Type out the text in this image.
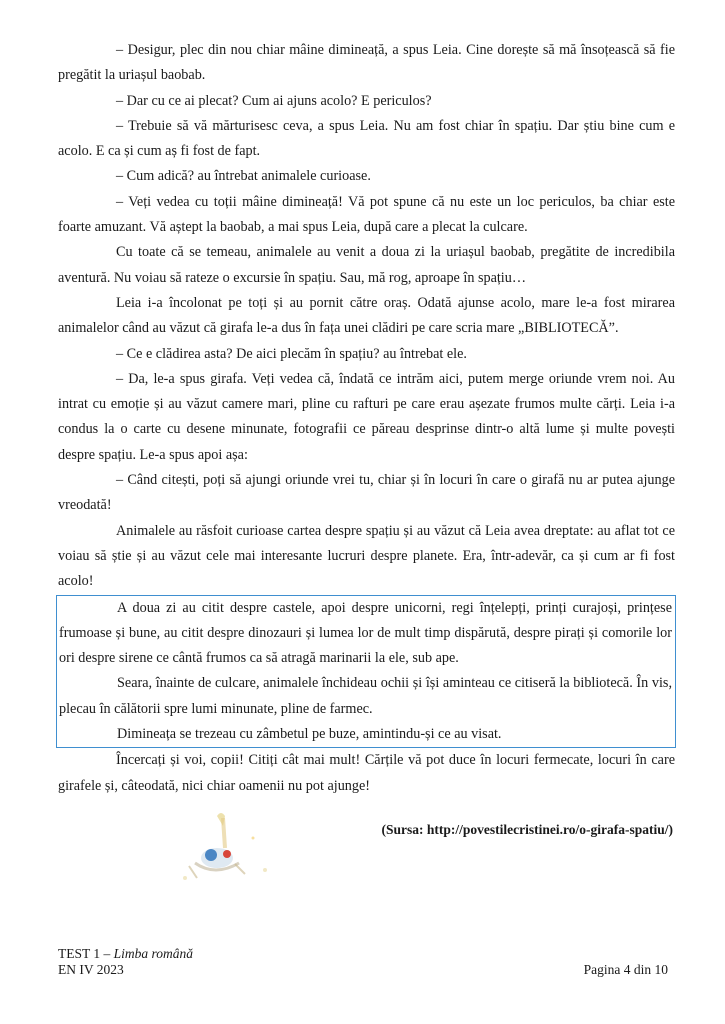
– Desigur, plec din nou chiar mâine dimineață, a spus Leia. Cine dorește să mă însoțească să fie pregătit la uriașul baobab.

– Dar cu ce ai plecat? Cum ai ajuns acolo? E periculos?

– Trebuie să vă mărturisesc ceva, a spus Leia. Nu am fost chiar în spațiu. Dar știu bine cum e acolo. E ca și cum aș fi fost de fapt.

– Cum adică? au întrebat animalele curioase.

– Veți vedea cu toții mâine dimineață! Vă pot spune că nu este un loc periculos, ba chiar este foarte amuzant. Vă aștept la baobab, a mai spus Leia, după care a plecat la culcare.

Cu toate că se temeau, animalele au venit a doua zi la uriașul baobab, pregătite de incredibila aventură. Nu voiau să rateze o excursie în spațiu. Sau, mă rog, aproape în spațiu…

Leia i-a încolonat pe toți și au pornit către oraș. Odată ajunse acolo, mare le-a fost mirarea animalelor când au văzut că girafa le-a dus în fața unei clădiri pe care scria mare „BIBLIOTECĂ”.

– Ce e clădirea asta? De aici plecăm în spațiu? au întrebat ele.

– Da, le-a spus girafa. Veți vedea că, îndată ce intrăm aici, putem merge oriunde vrem noi. Au intrat cu emoție și au văzut camere mari, pline cu rafturi pe care erau așezate frumos multe cărți. Leia i-a condus la o carte cu desene minunate, fotografii ce păreau desprinse dintr-o altă lume și multe povești despre spațiu. Le-a spus apoi așa:

– Când citești, poți să ajungi oriunde vrei tu, chiar și în locuri în care o girafă nu ar putea ajunge vreodată!

Animalele au răsfoit curioase cartea despre spațiu și au văzut că Leia avea dreptate: au aflat tot ce voiau să știe și au văzut cele mai interesante lucruri despre planete. Era, într-adevăr, ca și cum ar fi fost acolo!

A doua zi au citit despre castele, apoi despre unicorni, regi înțelepți, prinți curajoși, prințese frumoase și bune, au citit despre dinozauri și lumea lor de mult timp dispărută, despre pirați și comorile lor ori despre sirene ce cântă frumos ca să atragă marinarii la ele, sub ape.

Seara, înainte de culcare, animalele închideau ochii și își aminteau ce citiseră la bibliotecă. În vis, plecau în călătorii spre lumi minunate, pline de farmec.

Dimineața se trezeau cu zâmbetul pe buze, amintindu-și ce au visat.

Încercați și voi, copii! Citiți cât mai mult! Cărțile vă pot duce în locuri fermecate, locuri în care girafele și, câteodată, nici chiar oamenii nu pot ajunge!

(Sursa: http://povestilecristinei.ro/o-girafa-spatiu/)
TEST 1 – Limba română
EN IV 2023	Pagina 4 din 10
